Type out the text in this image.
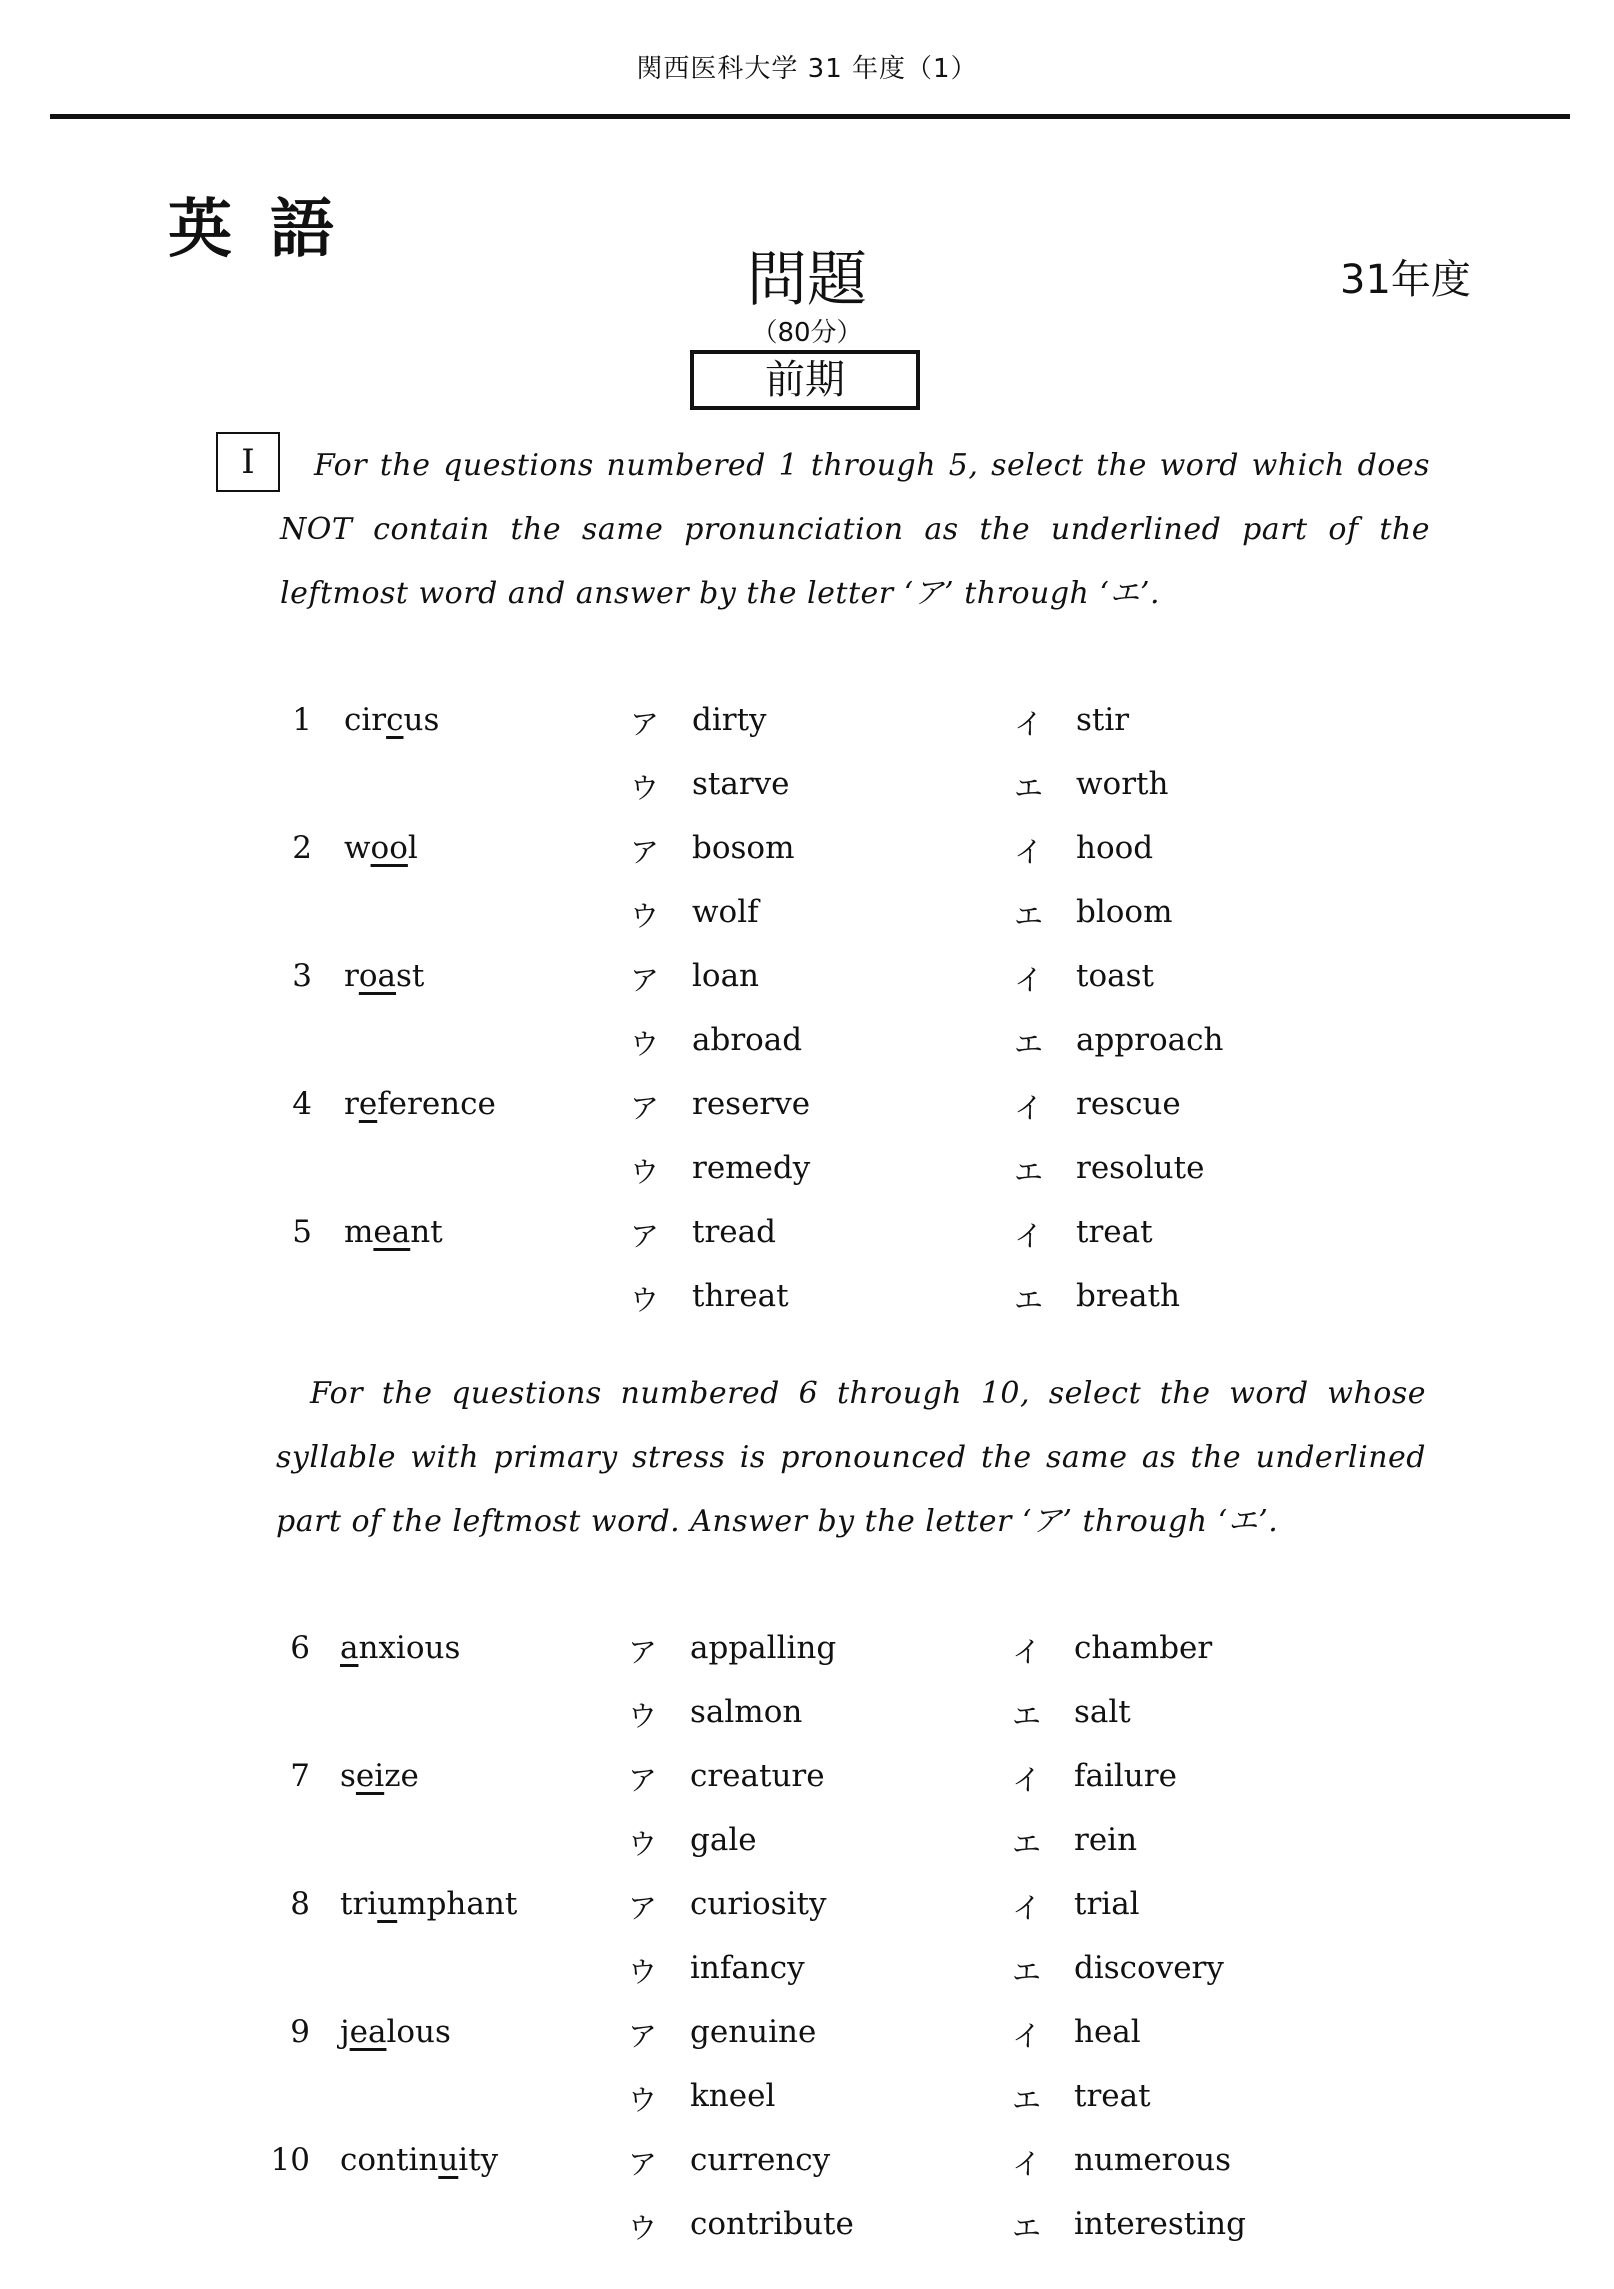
関西医科大学 31 年度（1）
英語
問題	31年度
（80分）
前期
I	For the questions numbered 1 through 5, select the word which does NOT contain the same pronunciation as the underlined part of the leftmost word and answer by the letter ‘ア’ through ‘エ’.
1 circus	ア dirty	イ stir
ウ starve	エ worth
2 wool	ア bosom	イ hood
ウ wolf	エ bloom
3 roast	ア loan	イ toast
ウ abroad	エ approach
4 reference	ア reserve	イ rescue
ウ remedy	エ resolute
5 meant	ア tread	イ treat
ウ threat	エ breath
For the questions numbered 6 through 10, select the word whose syllable with primary stress is pronounced the same as the underlined part of the leftmost word. Answer by the letter ‘ア’ through ‘エ’.
6 anxious	ア appalling	イ chamber
ウ salmon	エ salt
7 seize	ア creature	イ failure
ウ gale	エ rein
8 triumphant	ア curiosity	イ trial
ウ infancy	エ discovery
9 jealous	ア genuine	イ heal
ウ kneel	エ treat
10 continuity	ア currency	イ numerous
ウ contribute	エ interesting
